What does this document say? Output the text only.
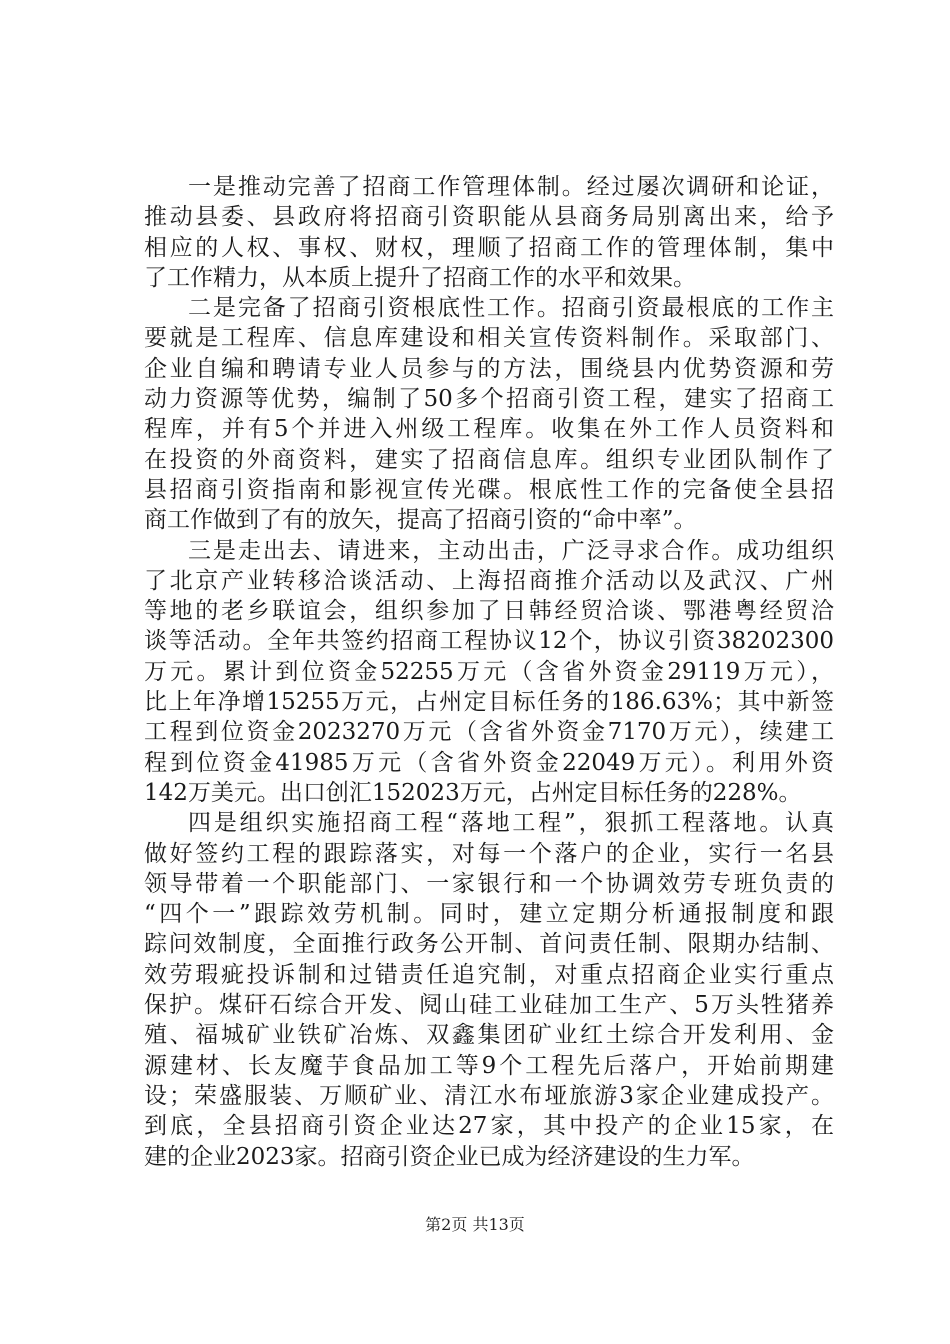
一是推动完善了招商工作管理体制。经过屡次调研和论证，
推动县委、县政府将招商引资职能从县商务局别离出来，给予
相应的人权、事权、财权，理顺了招商工作的管理体制，集中
了工作精力，从本质上提升了招商工作的水平和效果。
二是完备了招商引资根底性工作。招商引资最根底的工作主
要就是工程库、信息库建设和相关宣传资料制作。采取部门、
企业自编和聘请专业人员参与的方法，围绕县内优势资源和劳
动力资源等优势，编制了50多个招商引资工程，建实了招商工
程库，并有5个并进入州级工程库。收集在外工作人员资料和
在投资的外商资料，建实了招商信息库。组织专业团队制作了
县招商引资指南和影视宣传光碟。根底性工作的完备使全县招
商工作做到了有的放矢，提高了招商引资的“命中率”。
三是走出去、请进来，主动出击，广泛寻求合作。成功组织
了北京产业转移洽谈活动、上海招商推介活动以及武汉、广州
等地的老乡联谊会，组织参加了日韩经贸洽谈、鄂港粤经贸洽
谈等活动。全年共签约招商工程协议12个，协议引资38202300
万元。累计到位资金52255万元（含省外资金29119万元），
比上年净增15255万元，占州定目标任务的186.63%；其中新签
工程到位资金2023270万元（含省外资金7170万元），续建工
程到位资金41985万元（含省外资金22049万元）。利用外资
142万美元。出口创汇152023万元，占州定目标任务的228%。
四是组织实施招商工程“落地工程”，狠抓工程落地。认真
做好签约工程的跟踪落实，对每一个落户的企业，实行一名县
领导带着一个职能部门、一家银行和一个协调效劳专班负责的
“四个一”跟踪效劳机制。同时，建立定期分析通报制度和跟
踪问效制度，全面推行政务公开制、首问责任制、限期办结制、
效劳瑕疵投诉制和过错责任追究制，对重点招商企业实行重点
保护。煤矸石综合开发、阋山硅工业硅加工生产、5万头牲猪养
殖、福城矿业铁矿冶炼、双鑫集团矿业红土综合开发利用、金
源建材、长友魔芋食品加工等9个工程先后落户，开始前期建
设；荣盛服装、万顺矿业、清江水布垭旅游3家企业建成投产。
到底，全县招商引资企业达27家，其中投产的企业15家，在
建的企业2023家。招商引资企业已成为经济建设的生力军。
第2页 共13页
